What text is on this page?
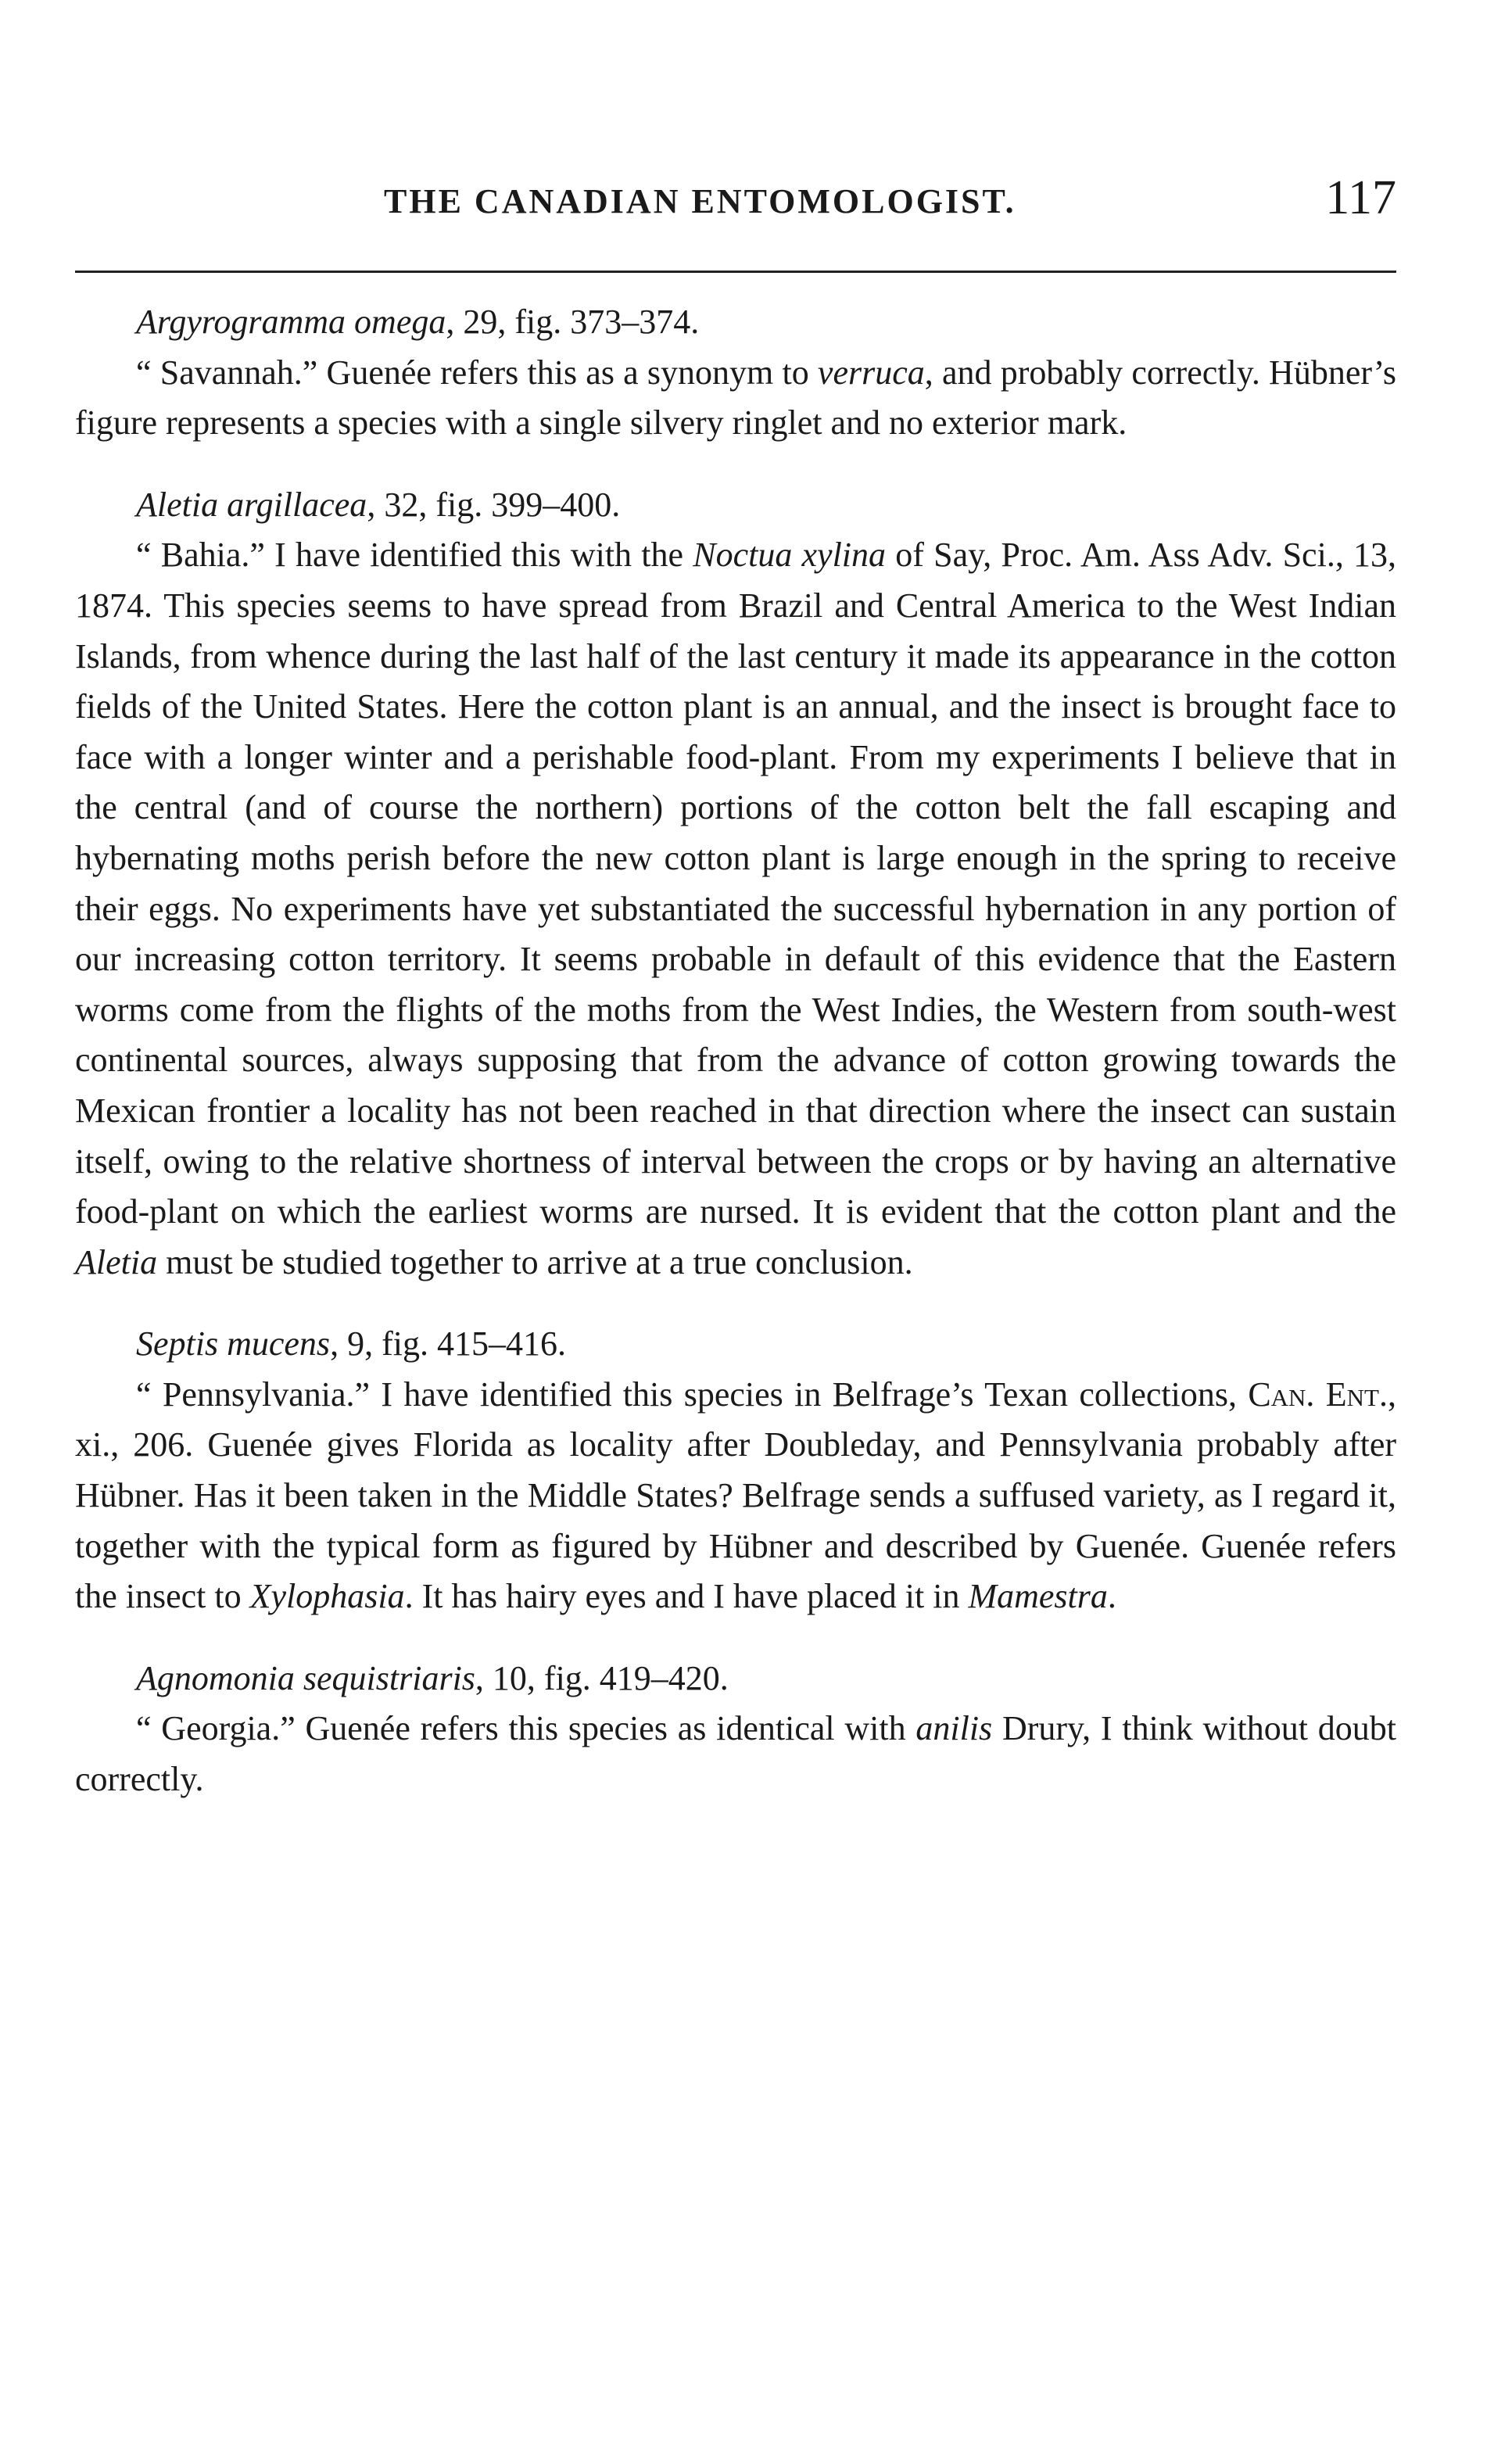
THE CANADIAN ENTOMOLOGIST.	117

Argyrogramma omega, 29, fig. 373–374.

“ Savannah.” Guenée refers this as a synonym to verruca, and probably correctly. Hübner’s figure represents a species with a single silvery ringlet and no exterior mark.

Aletia argillacea, 32, fig. 399–400.

“ Bahia.” I have identified this with the Noctua xylina of Say, Proc. Am. Ass Adv. Sci., 13, 1874. This species seems to have spread from Brazil and Central America to the West Indian Islands, from whence during the last half of the last century it made its appearance in the cotton fields of the United States. Here the cotton plant is an annual, and the insect is brought face to face with a longer winter and a perishable food-plant. From my experiments I believe that in the central (and of course the northern) portions of the cotton belt the fall escaping and hybernating moths perish before the new cotton plant is large enough in the spring to receive their eggs. No experiments have yet substantiated the successful hybernation in any portion of our increasing cotton territory. It seems probable in default of this evidence that the Eastern worms come from the flights of the moths from the West Indies, the Western from south-west continental sources, always supposing that from the advance of cotton growing towards the Mexican frontier a locality has not been reached in that direction where the insect can sustain itself, owing to the relative shortness of interval between the crops or by having an alternative food-plant on which the earliest worms are nursed. It is evident that the cotton plant and the Aletia must be studied together to arrive at a true conclusion.

Septis mucens, 9, fig. 415–416.

“ Pennsylvania.” I have identified this species in Belfrage’s Texan collections, Can. Ent., xi., 206. Guenée gives Florida as locality after Doubleday, and Pennsylvania probably after Hübner. Has it been taken in the Middle States? Belfrage sends a suffused variety, as I regard it, together with the typical form as figured by Hübner and described by Guenée. Guenée refers the insect to Xylophasia. It has hairy eyes and I have placed it in Mamestra.

Agnomonia sequistriaris, 10, fig. 419–420.

“ Georgia.” Guenée refers this species as identical with anilis Drury, I think without doubt correctly.
